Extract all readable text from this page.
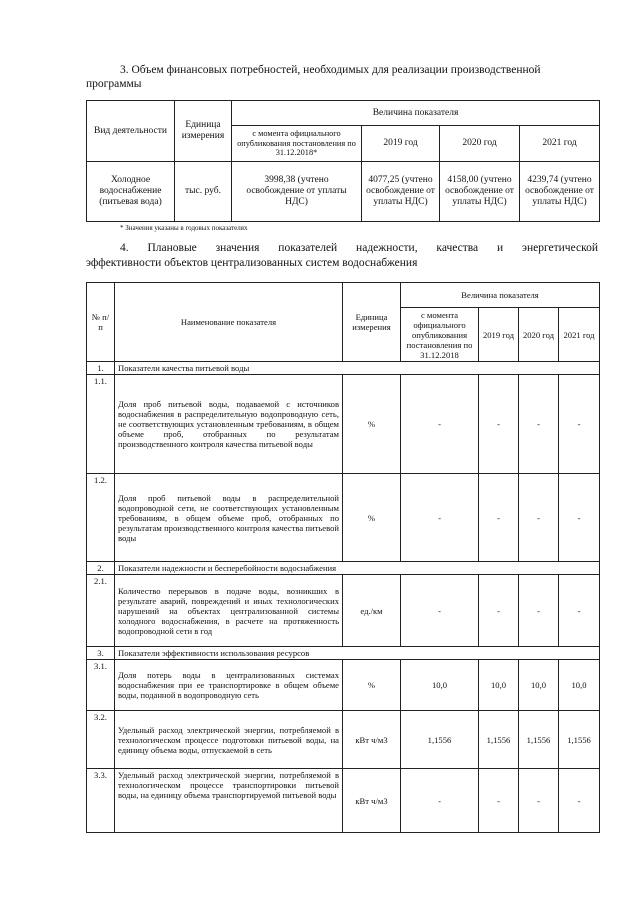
3. Объем финансовых потребностей, необходимых для реализации производственной
программы
Вид деятельности	Единица измерения	Величина показателя			
		с момента официального опубликования постановления по 31.12.2018*	2019 год	2020 год	2021 год
Холодное водоснабжение (питьевая вода)	тыс. руб.	3998,38 (учтено освобождение от уплаты НДС)	4077,25 (учтено освобождение от уплаты НДС)	4158,00 (учтено освобождение от уплаты НДС)	4239,74 (учтено освобождение от уплаты НДС)
* Значения указаны в годовых показателях
4. Плановые значения показателей надежности, качества и энергетической
эффективности объектов централизованных систем водоснабжения
№ п/п	Наименование показателя	Единица измерения	Величина показателя			
			с момента официального опубликования постановления по 31.12.2018	2019 год	2020 год	2021 год
1.	Показатели качества питьевой воды					
1.1.	Доля проб питьевой воды, подаваемой с источников водоснабжения в распределительную водопроводную сеть, не соответствующих установленным требованиям, в общем объеме проб, отобранных по результатам производственного контроля качества питьевой воды	%	-	-	-	-
1.2.	Доля проб питьевой воды в распределительной водопроводной сети, не соответствующих установленным требованиям, в общем объеме проб, отобранных по результатам производственного контроля качества питьевой воды	%	-	-	-	-
2.	Показатели надежности и бесперебойности водоснабжения					
2.1.	Количество перерывов в подаче воды, возникших в результате аварий, повреждений и иных технологических нарушений на объектах централизованной системы холодного водоснабжения, в расчете на протяженность водопроводной сети в год	ед./км	-	-	-	-
3.	Показатели эффективности использования ресурсов					
3.1.	Доля потерь воды в централизованных системах водоснабжения при ее транспортировке в общем объеме воды, поданной в водопроводную сеть	%	10,0	10,0	10,0	10,0
3.2.	Удельный расход электрической энергии, потребляемой в технологическом процессе подготовки питьевой воды, на единицу объема воды, отпускаемой в сеть	кВт ч/м3	1,1556	1,1556	1,1556	1,1556
3.3.	Удельный расход электрической энергии, потребляемой в технологическом процессе транспортировки питьевой воды, на единицу объема транспортируемой питьевой воды	кВт ч/м3	-	-	-	-
